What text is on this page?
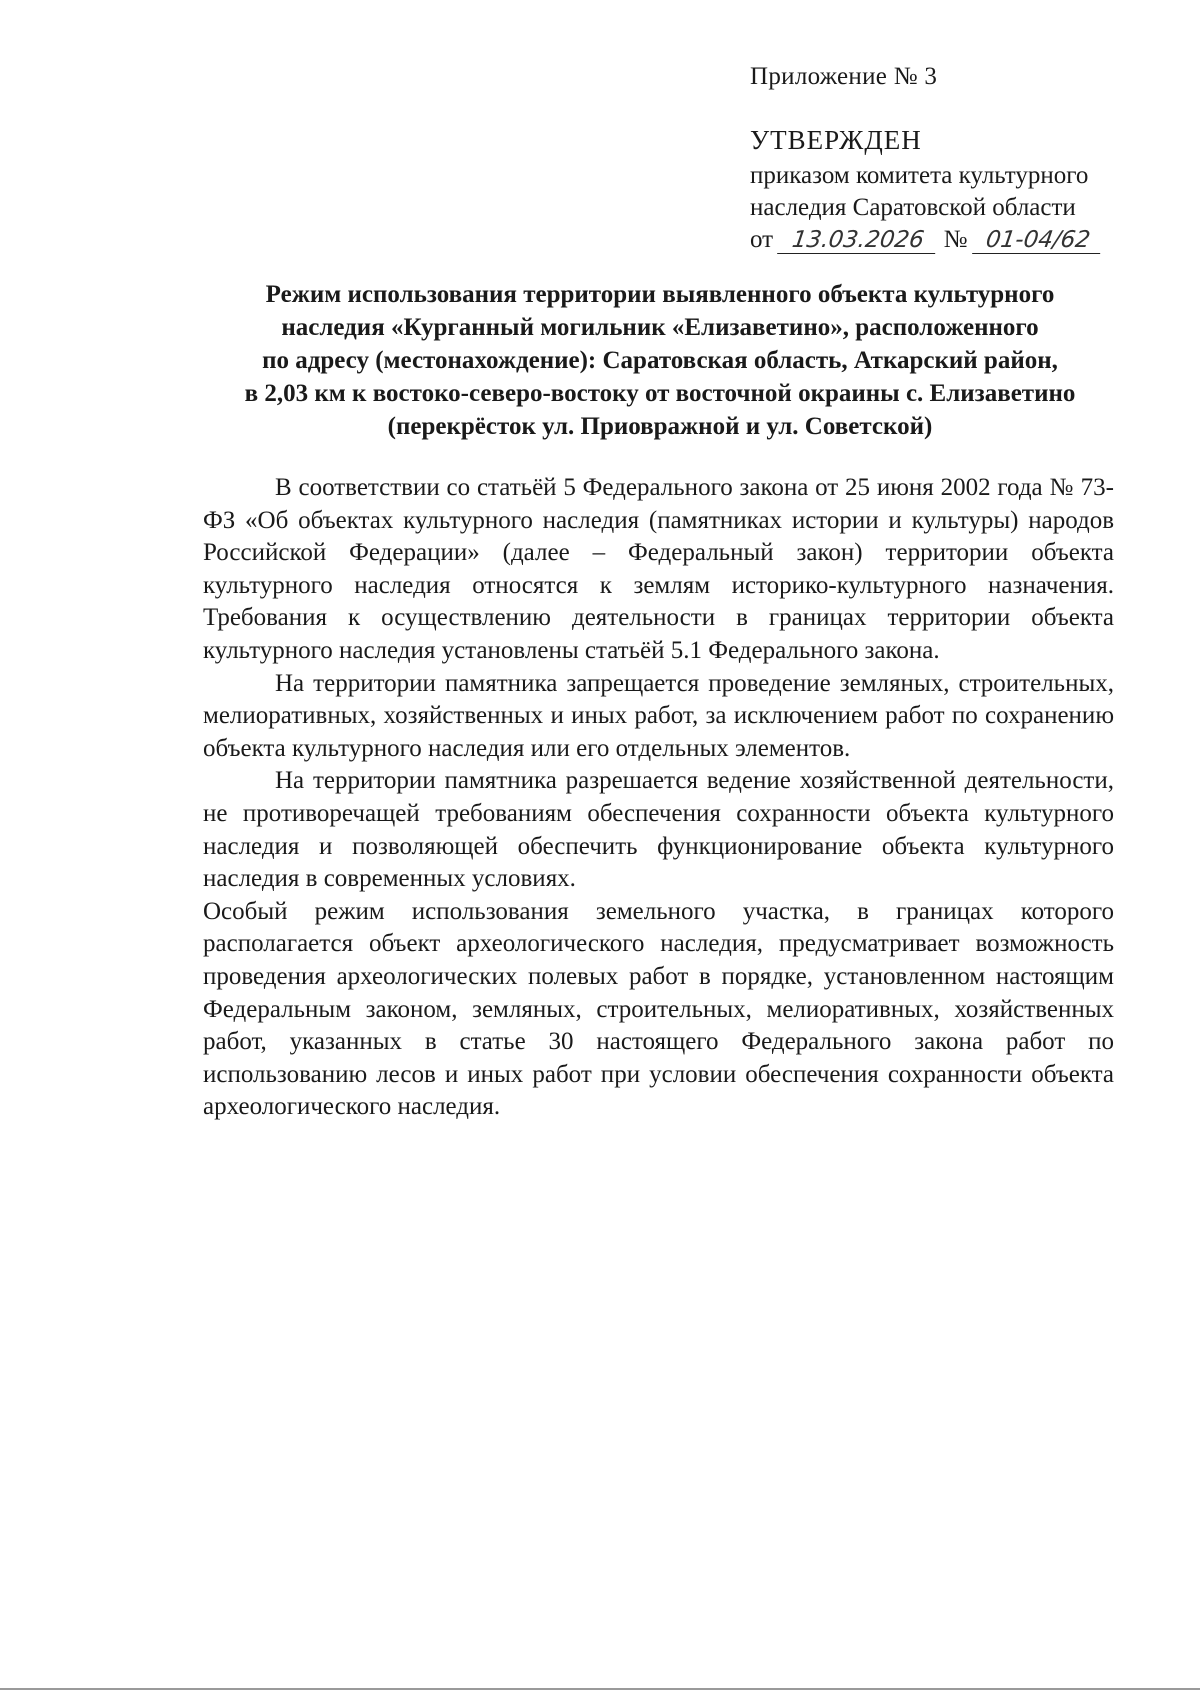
Приложение № 3
УТВЕРЖДЕН
приказом комитета культурного
наследия Саратовской области
от 13.03.2026 № 01-04/62
Режим использования территории выявленного объекта культурного
наследия «Курганный могильник «Елизаветино», расположенного
по адресу (местонахождение): Саратовская область, Аткарский район,
в 2,03 км к востоко-северо-востоку от восточной окраины с. Елизаветино
(перекрёсток ул. Приовражной и ул. Советской)

В соответствии со статьёй 5 Федерального закона от 25 июня 2002 года № 73-ФЗ «Об объектах культурного наследия (памятниках истории и культуры) народов Российской Федерации» (далее – Федеральный закон) территории объекта культурного наследия относятся к землям историко-культурного назначения. Требования к осуществлению деятельности в границах территории объекта культурного наследия установлены статьёй 5.1 Федерального закона.

На территории памятника запрещается проведение земляных, строительных, мелиоративных, хозяйственных и иных работ, за исключением работ по сохранению объекта культурного наследия или его отдельных элементов.

На территории памятника разрешается ведение хозяйственной деятельности, не противоречащей требованиям обеспечения сохранности объекта культурного наследия и позволяющей обеспечить функционирование объекта культурного наследия в современных условиях.

Особый режим использования земельного участка, в границах которого располагается объект археологического наследия, предусматривает возможность проведения археологических полевых работ в порядке, установленном настоящим Федеральным законом, земляных, строительных, мелиоративных, хозяйственных работ, указанных в статье 30 настоящего Федерального закона работ по использованию лесов и иных работ при условии обеспечения сохранности объекта археологического наследия.
